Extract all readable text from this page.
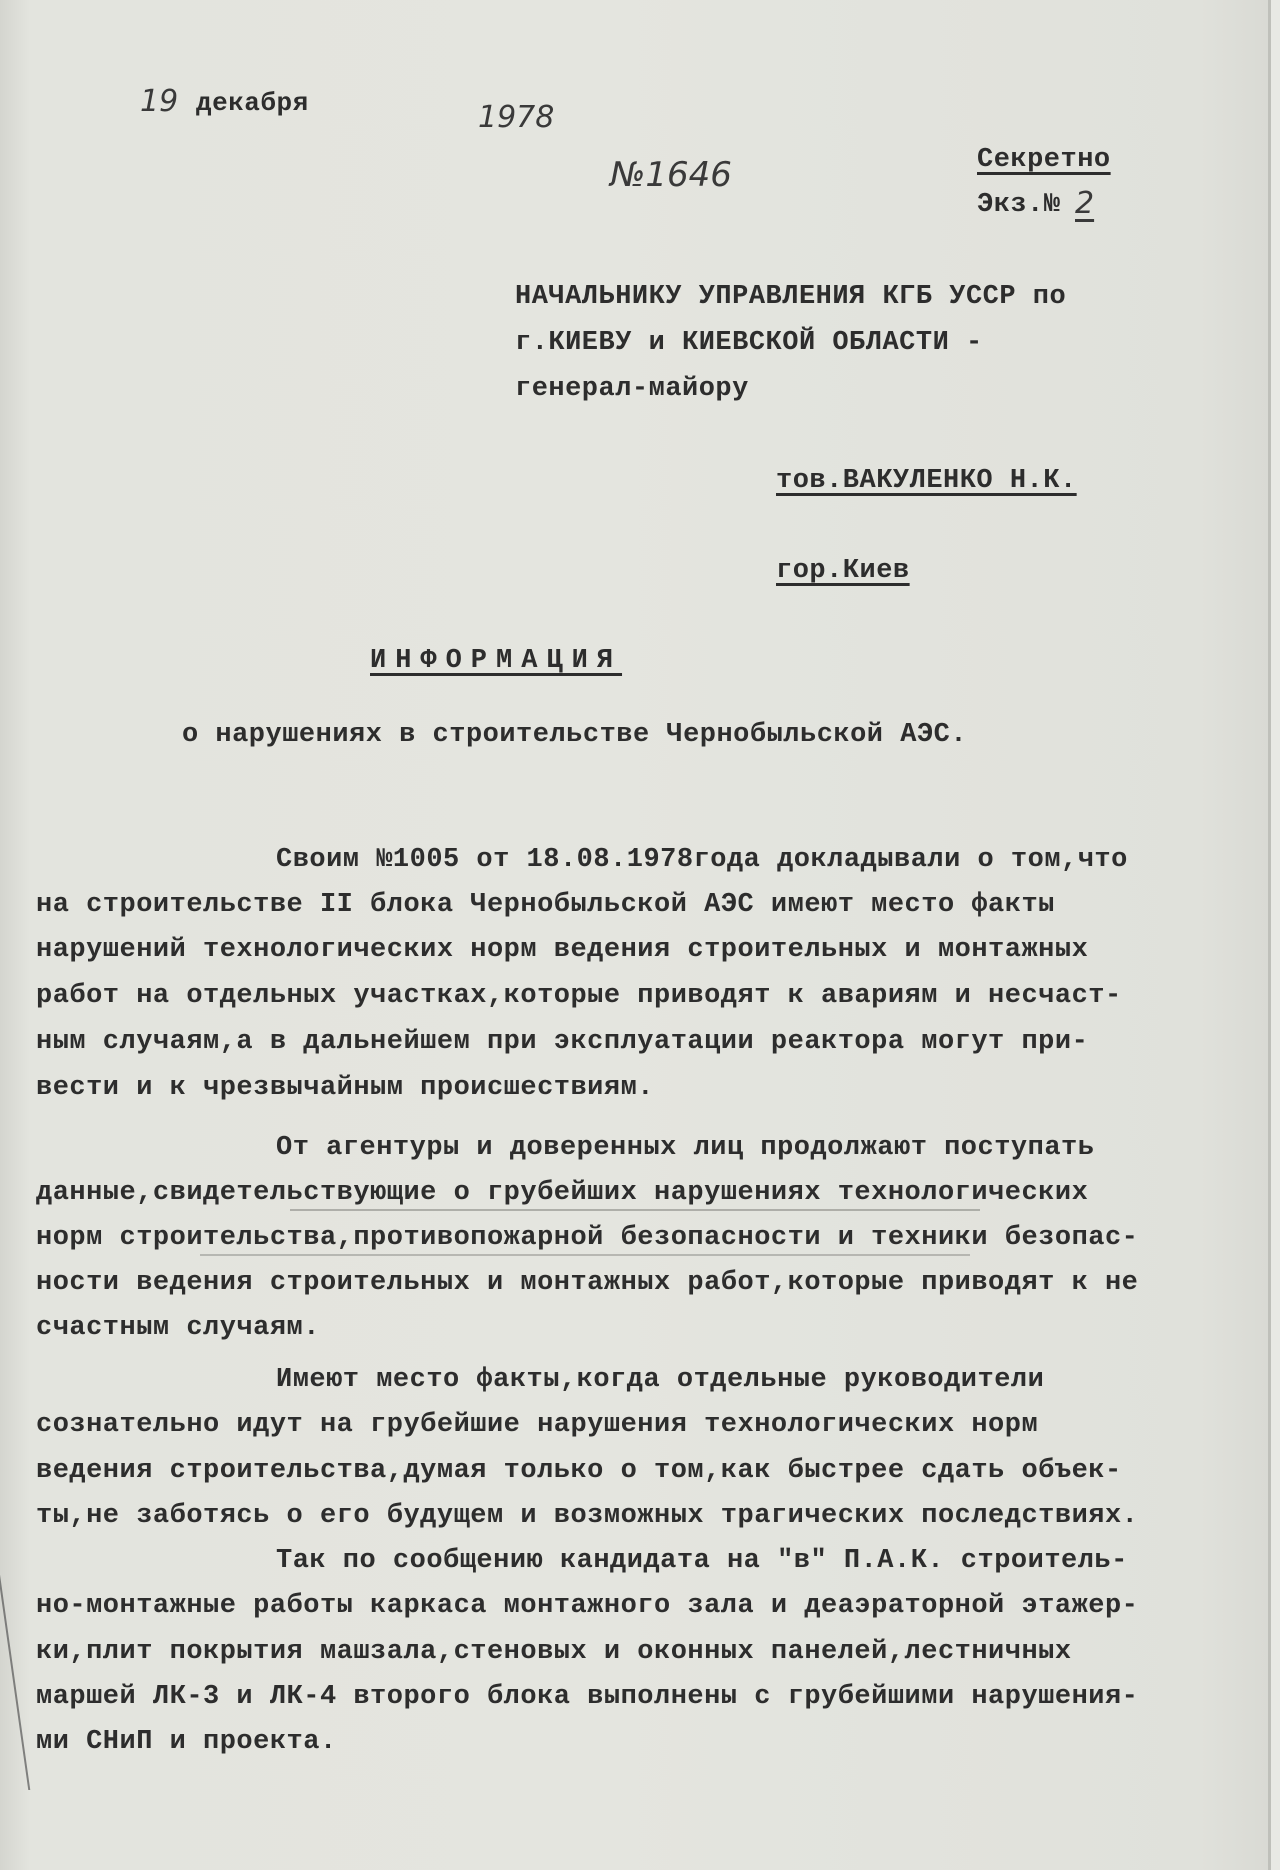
19 декабря	1978
№1646	Секретно
Экз.№ 2
НАЧАЛЬНИКУ УПРАВЛЕНИЯ КГБ УССР по
г.КИЕВУ и КИЕВСКОЙ ОБЛАСТИ -
генерал-майору
тов.ВАКУЛЕНКО Н.К.
гор.Киев
ИНФОРМАЦИЯ
о нарушениях в строительстве Чернобыльской АЭС.
Своим №1005 от 18.08.1978года докладывали о том,что
на строительстве II блока Чернобыльской АЭС имеют место факты
нарушений технологических норм ведения строительных и монтажных
работ на отдельных участках,которые приводят к авариям и несчаст-
ным случаям,а в дальнейшем при эксплуатации реактора могут при-
вести и к чрезвычайным происшествиям.
От агентуры и доверенных лиц продолжают поступать
данные,свидетельствующие о грубейших нарушениях технологических
норм строительства,противопожарной безопасности и техники безопас-
ности ведения строительных и монтажных работ,которые приводят к не
счастным случаям.
Имеют место факты,когда отдельные руководители
сознательно идут на грубейшие нарушения технологических норм
ведения строительства,думая только о том,как быстрее сдать объек-
ты,не заботясь о его будущем и возможных трагических последствиях.
Так по сообщению кандидата на "в" П.А.К. строитель-
но-монтажные работы каркаса монтажного зала и деаэраторной этажер-
ки,плит покрытия машзала,стеновых и оконных панелей,лестничных
маршей ЛК-3 и ЛК-4 второго блока выполнены с грубейшими нарушения-
ми СНиП и проекта.
